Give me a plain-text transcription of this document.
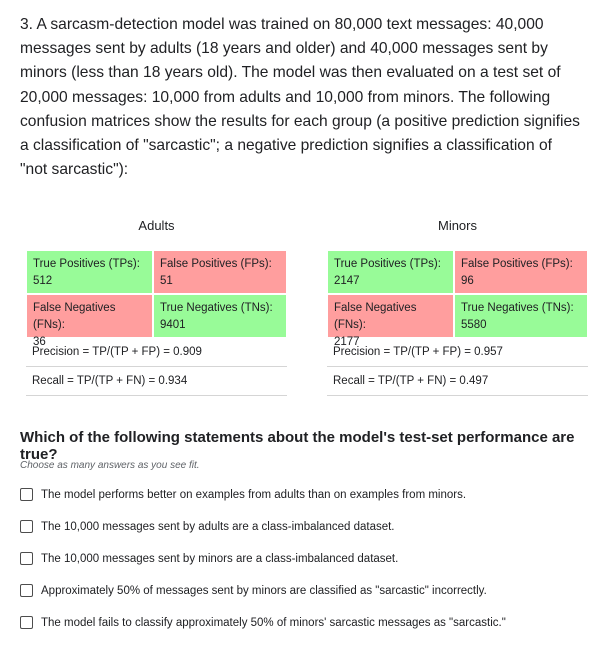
3. A sarcasm-detection model was trained on 80,000 text messages: 40,000 messages sent by adults (18 years and older) and 40,000 messages sent by minors (less than 18 years old). The model was then evaluated on a test set of 20,000 messages: 10,000 from adults and 10,000 from minors. The following confusion matrices show the results for each group (a positive prediction signifies a classification of "sarcastic"; a negative prediction signifies a classification of "not sarcastic"):

Adults
True Positives (TPs):
512
False Positives (FPs):
51
False Negatives (FNs):
36
True Negatives (TNs):
9401
Precision = TP/(TP + FP) = 0.909
Recall = TP/(TP + FN) = 0.934
Minors
True Positives (TPs):
2147
False Positives (FPs):
96
False Negatives (FNs):
2177
True Negatives (TNs):
5580
Precision = TP/(TP + FP) = 0.957
Recall = TP/(TP + FN) = 0.497
Which of the following statements about the model's test-set performance are true?
Choose as many answers as you see fit.
The model performs better on examples from adults than on examples from minors.
The 10,000 messages sent by adults are a class-imbalanced dataset.
The 10,000 messages sent by minors are a class-imbalanced dataset.
Approximately 50% of messages sent by minors are classified as "sarcastic" incorrectly.
The model fails to classify approximately 50% of minors' sarcastic messages as "sarcastic."
